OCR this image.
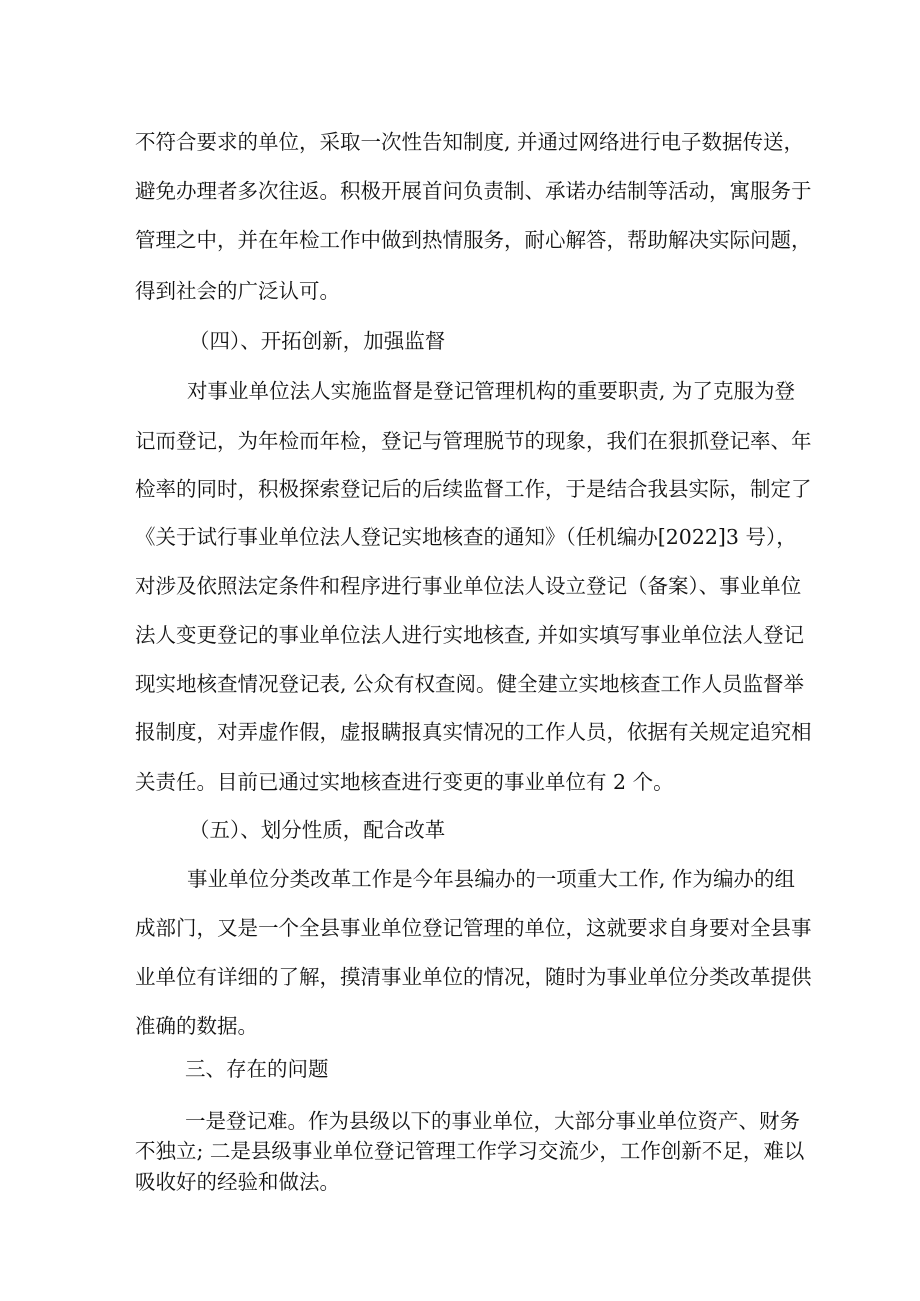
不符合要求的单位，采取一次性告知制度, 并通过网络进行电子数据传送，
避免办理者多次往返。积极开展首问负责制、承诺办结制等活动，寓服务于
管理之中，并在年检工作中做到热情服务，耐心解答，帮助解决实际问题，
得到社会的广泛认可。
（四）、开拓创新，加强监督
对事业单位法人实施监督是登记管理机构的重要职责, 为了克服为登
记而登记，为年检而年检，登记与管理脱节的现象，我们在狠抓登记率、年
检率的同时，积极探索登记后的后续监督工作，于是结合我县实际，制定了
《关于试行事业单位法人登记实地核查的通知》（任机编办[2022]3 号），
对涉及依照法定条件和程序进行事业单位法人设立登记（备案）、事业单位
法人变更登记的事业单位法人进行实地核查, 并如实填写事业单位法人登记
现实地核查情况登记表, 公众有权查阅。健全建立实地核查工作人员监督举
报制度，对弄虚作假，虚报瞒报真实情况的工作人员，依据有关规定追究相
关责任。目前已通过实地核查进行变更的事业单位有 2 个。
（五）、划分性质，配合改革
事业单位分类改革工作是今年县编办的一项重大工作, 作为编办的组
成部门，又是一个全县事业单位登记管理的单位，这就要求自身要对全县事
业单位有详细的了解，摸清事业单位的情况，随时为事业单位分类改革提供
准确的数据。
三、存在的问题
一是登记难。作为县级以下的事业单位，大部分事业单位资产、财务
不独立; 二是县级事业单位登记管理工作学习交流少，工作创新不足，难以
吸收好的经验和做法。
